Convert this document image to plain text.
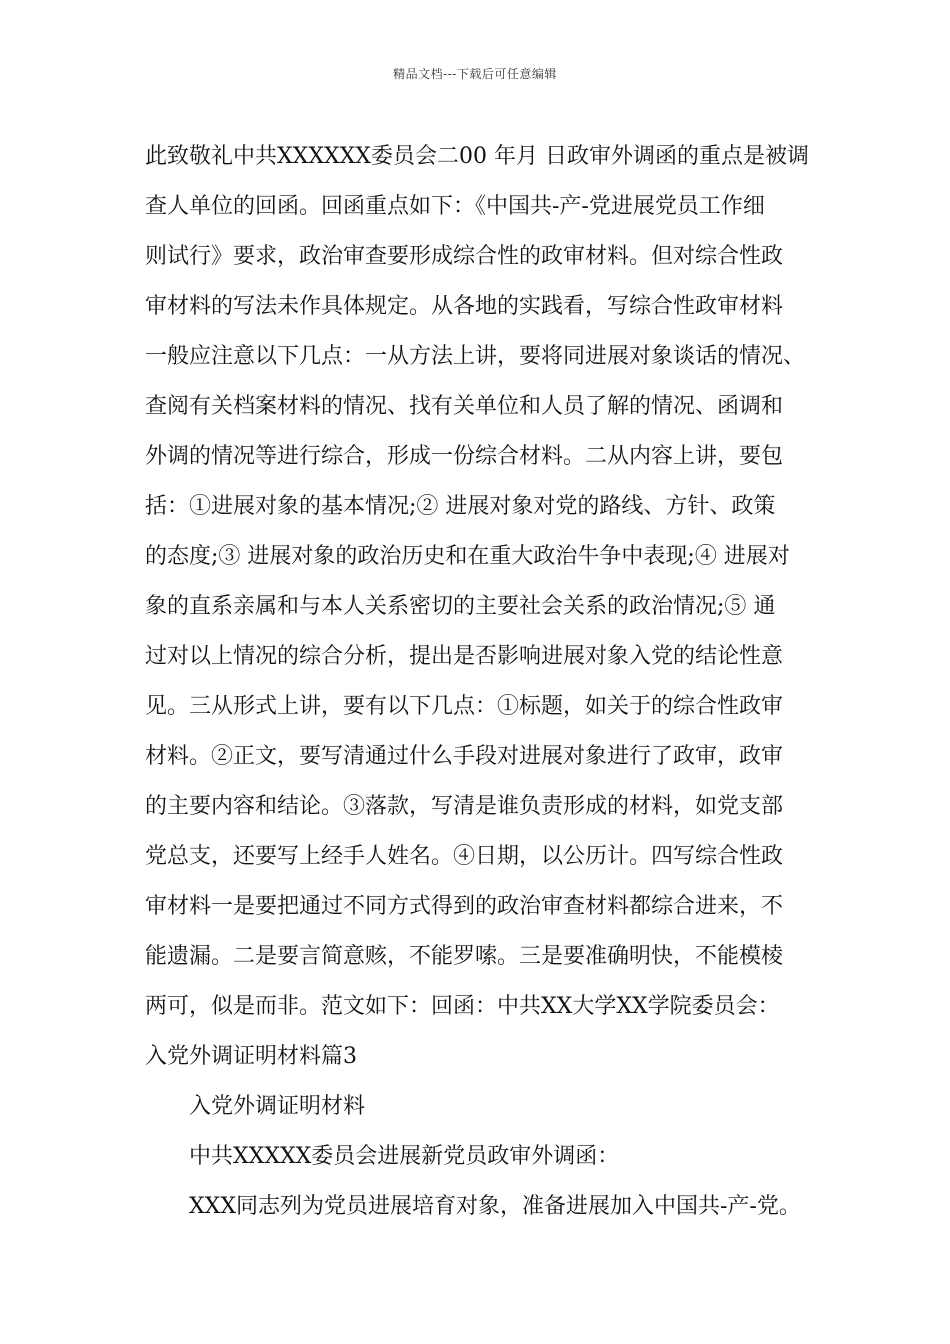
精品文档---下载后可任意编辑
此致敬礼中共XXXXXX委员会二00 年月 日政审外调函的重点是被调
查人单位的回函。回函重点如下：《中国共-产-党进展党员工作细
则试行》要求，政治审查要形成综合性的政审材料。但对综合性政
审材料的写法未作具体规定。从各地的实践看，写综合性政审材料
一般应注意以下几点：一从方法上讲，要将同进展对象谈话的情况、
查阅有关档案材料的情况、找有关单位和人员了解的情况、函调和
外调的情况等进行综合，形成一份综合材料。二从内容上讲，要包
括：①进展对象的基本情况;② 进展对象对党的路线、方针、政策
的态度;③ 进展对象的政治历史和在重大政治牛争中表现;④ 进展对
象的直系亲属和与本人关系密切的主要社会关系的政治情况;⑤ 通
过对以上情况的综合分析，提出是否影响进展对象入党的结论性意
见。三从形式上讲，要有以下几点：①标题，如关于的综合性政审
材料。②正文，要写清通过什么手段对进展对象进行了政审，政审
的主要内容和结论。③落款，写清是谁负责形成的材料，如党支部
党总支，还要写上经手人姓名。④日期，以公历计。四写综合性政
审材料一是要把通过不同方式得到的政治审查材料都综合进来，不
能遗漏。二是要言简意赅，不能罗嗦。三是要准确明快，不能模棱
两可，似是而非。范文如下：回函：中共XX大学XX学院委员会：
入党外调证明材料篇3
入党外调证明材料
中共XXXXX委员会进展新党员政审外调函：
XXX同志列为党员进展培育对象，准备进展加入中国共-产-党。
